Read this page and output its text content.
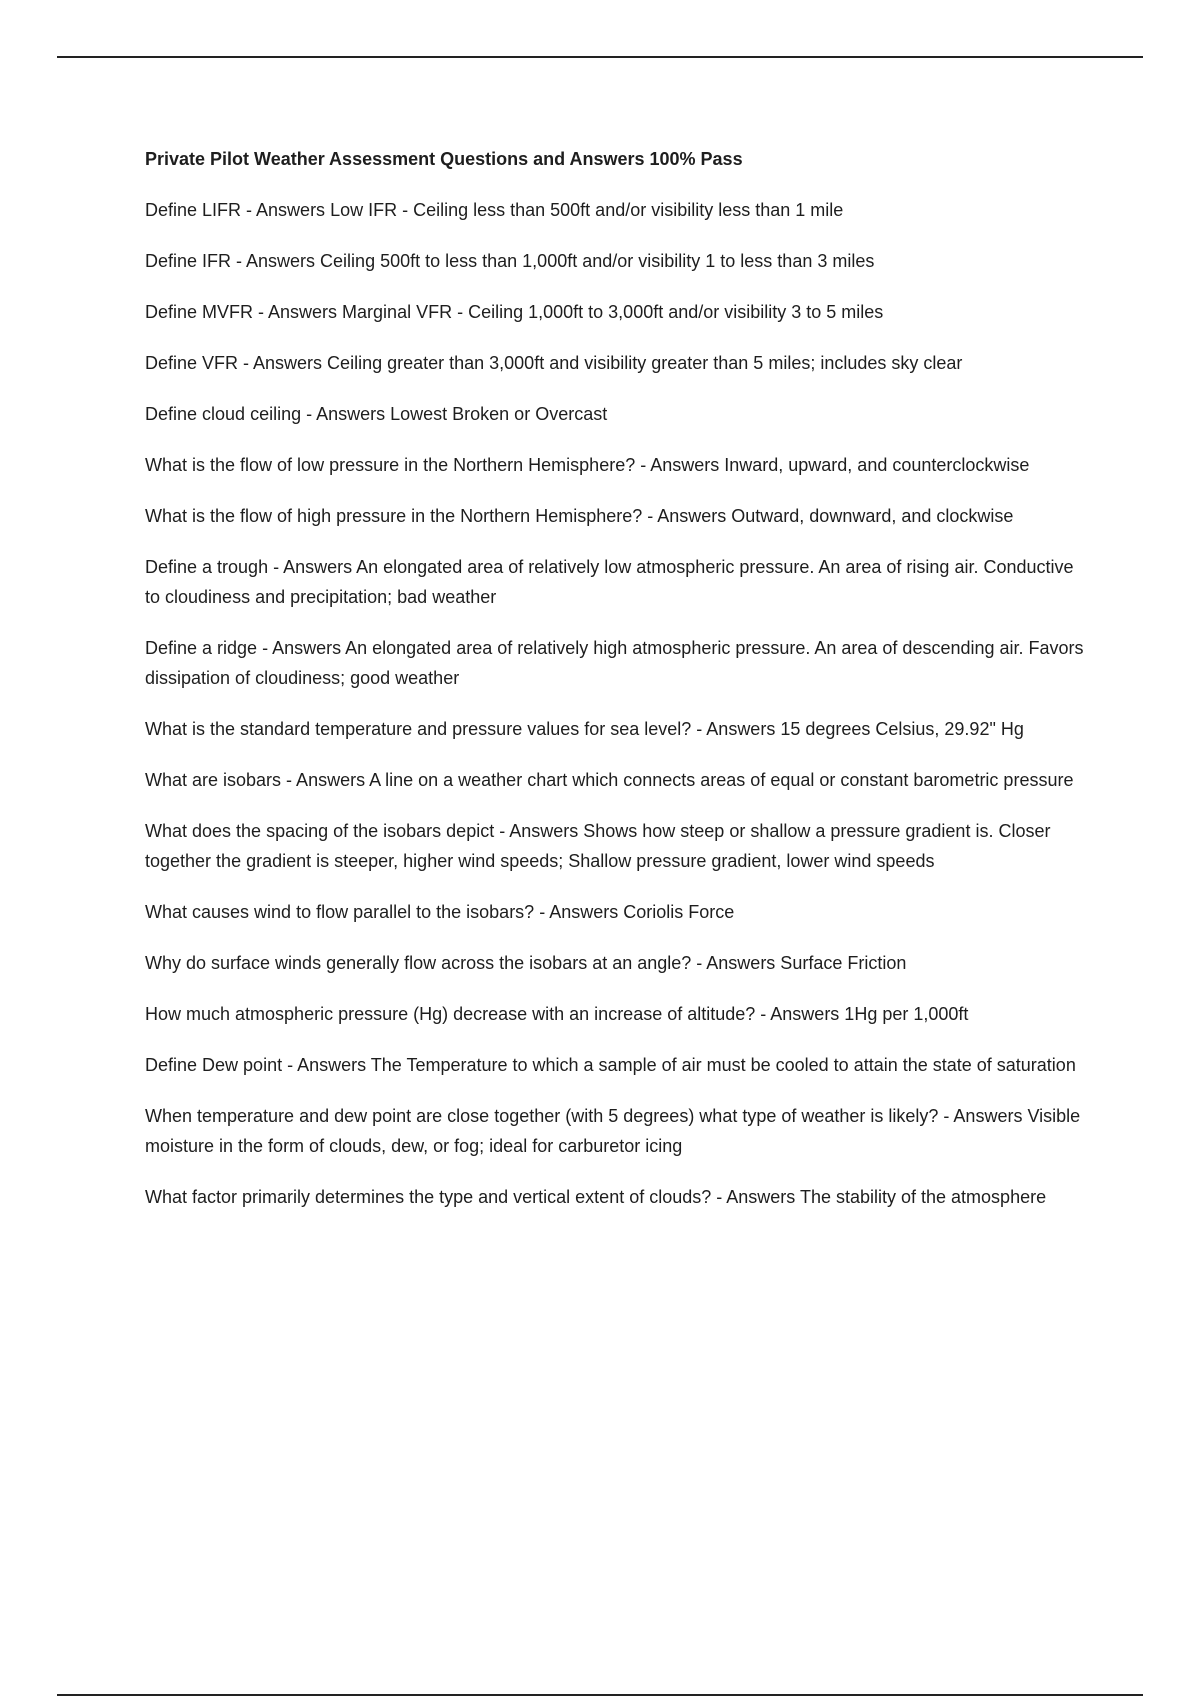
Private Pilot Weather Assessment Questions and Answers 100% Pass
Define LIFR - Answers Low IFR - Ceiling less than 500ft and/or visibility less than 1 mile
Define IFR - Answers Ceiling 500ft to less than 1,000ft and/or visibility 1 to less than 3 miles
Define MVFR - Answers Marginal VFR - Ceiling 1,000ft to 3,000ft and/or visibility 3 to 5 miles
Define VFR - Answers Ceiling greater than 3,000ft and visibility greater than 5 miles; includes sky clear
Define cloud ceiling - Answers Lowest Broken or Overcast
What is the flow of low pressure in the Northern Hemisphere? - Answers Inward, upward, and counterclockwise
What is the flow of high pressure in the Northern Hemisphere? - Answers Outward, downward, and clockwise
Define a trough - Answers An elongated area of relatively low atmospheric pressure. An area of rising air. Conductive to cloudiness and precipitation; bad weather
Define a ridge - Answers An elongated area of relatively high atmospheric pressure. An area of descending air. Favors dissipation of cloudiness; good weather
What is the standard temperature and pressure values for sea level? - Answers 15 degrees Celsius, 29.92" Hg
What are isobars - Answers A line on a weather chart which connects areas of equal or constant barometric pressure
What does the spacing of the isobars depict - Answers Shows how steep or shallow a pressure gradient is. Closer together the gradient is steeper, higher wind speeds; Shallow pressure gradient, lower wind speeds
What causes wind to flow parallel to the isobars? - Answers Coriolis Force
Why do surface winds generally flow across the isobars at an angle? - Answers Surface Friction
How much atmospheric pressure (Hg) decrease with an increase of altitude? - Answers 1Hg per 1,000ft
Define Dew point - Answers The Temperature to which a sample of air must be cooled to attain the state of saturation
When temperature and dew point are close together (with 5 degrees) what type of weather is likely? - Answers Visible moisture in the form of clouds, dew, or fog; ideal for carburetor icing
What factor primarily determines the type and vertical extent of clouds? - Answers The stability of the atmosphere
